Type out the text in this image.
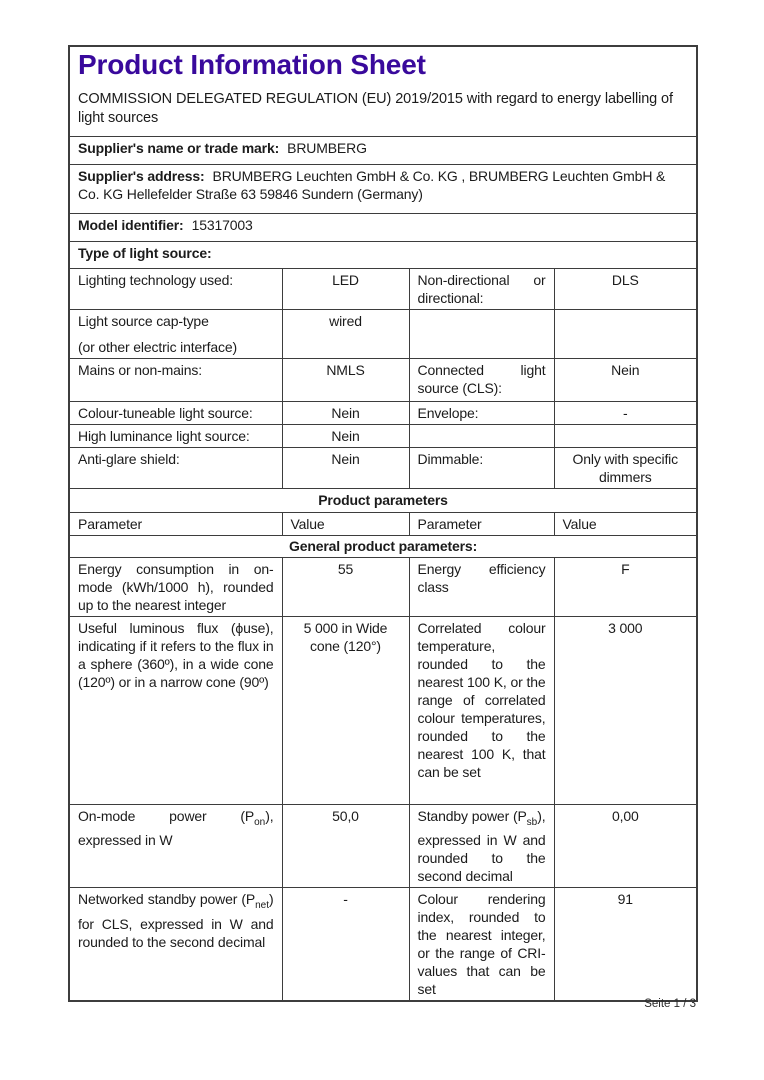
Product Information Sheet
COMMISSION DELEGATED REGULATION (EU) 2019/2015 with regard to energy labelling of light sources			

Supplier's name or trade mark: BRUMBERG			
Supplier's address: BRUMBERG Leuchten GmbH & Co. KG , BRUMBERG Leuchten GmbH & Co. KG Hellefelder Straße 63 59846 Sundern (Germany)			
Model identifier: 15317003			
Type of light source:			
Lighting technology used:	LED	Non-directional or directional:	DLS

Light source cap-type
(or other electric interface)	wired		
Mains or non-mains:	NMLS	Connected light source (CLS):	Nein
Colour-tuneable light source:	Nein	Envelope:	-
High luminance light source:	Nein		
Anti-glare shield:	Nein	Dimmable:	Only with specific dimmers
Product parameters			
Parameter	Value	Parameter	Value
General product parameters:			
Energy consumption in on-mode (kWh/1000 h), rounded up to the nearest integer	55	Energy efficiency class	F
Useful luminous flux (ϕuse), indicating if it refers to the flux in a sphere (360º), in a wide cone (120º) or in a narrow cone (90º)	5 000 in Wide cone (120°)	Correlated colour temperature, rounded to the nearest 100 K, or the range of correlated colour temperatures, rounded to the nearest 100 K, that can be set	3 000
On-mode power $(P_{on})$, expressed in W	50,0	Standby power $(P_{sb})$, expressed in W and rounded to the second decimal	0,00
Networked standby power $(P_{net})$ for CLS, expressed in W and rounded to the second decimal	-	Colour rendering index, rounded to the nearest integer, or the range of CRI-values that can be set	91
Seite 1 / 3
